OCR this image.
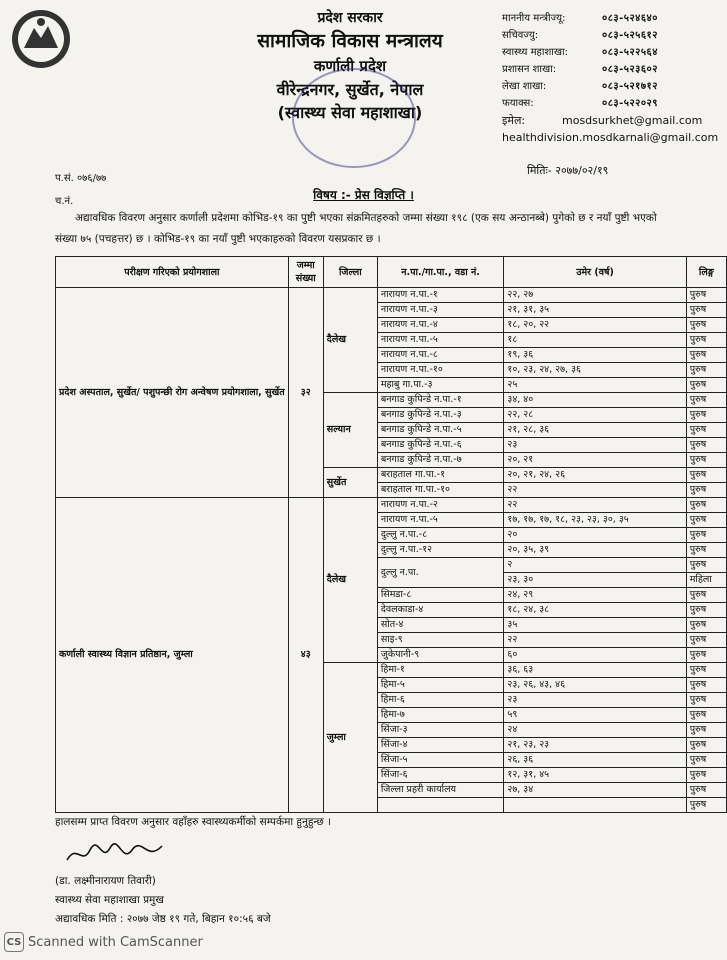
प्रदेश सरकार
सामाजिक विकास मन्त्रालय
कर्णाली प्रदेश
वीरेन्द्रनगर, सुर्खेत, नेपाल
(स्वास्थ्य सेवा महाशाखा)
माननीय मन्त्रीज्यू:	०८३-५२४६४०
सचिवज्यु:	०८३-५२५६१२
स्वास्थ्य महाशाखा:	०८३-५२२५६४
प्रशासन शाखा:	०८३-५२३६०२
लेखा शाखा:	०८३-५२१७१२
फयाक्स:	०८३-५२२०२९
इमेल:	mosdsurkhet@gmail.com
healthdivision.mosdkarnali@gmail.com
प.सं. ०७६/७७
च.नं.
मितिः- २०७७/०२/१९
विषय :- प्रेस विज्ञप्ति ।
अद्यावधिक विवरण अनुसार कर्णाली प्रदेशमा कोभिड-१९ का पुष्टी भएका संक्रमितहरुको जम्मा संख्या १९८ (एक सय अन्ठानब्बे) पुगेको छ र नयाँ पुष्टी भएको संख्या ७५ (पचहत्तर) छ । कोभिड-१९ का नयाँ पुष्टी भएकाहरुको विवरण यसप्रकार छ ।
परीक्षण गरिएको प्रयोगशाला	जम्मा संख्या	जिल्ला	न.पा./गा.पा., वडा नं.	उमेर (वर्ष)	लिङ्ग
प्रदेश अस्पताल, सुर्खेत/ पशुपन्छी रोग अन्वेषण प्रयोगशाला, सुर्खेत	३२	दैलेख	नारायण न.पा.-१	२२, २७	पुरुष
			नारायण न.पा.-३	२१, ३१, ३५	पुरुष
			नारायण न.पा.-४	१८, २०, २२	पुरुष
			नारायण न.पा.-५	१८	पुरुष
			नारायण न.पा.-८	१९, ३६	पुरुष
			नारायण न.पा.-१०	१०, २३, २४, २७, ३६	पुरुष
			महाबु गा.पा.-३	२५	पुरुष
		सल्यान	बनगाड कुपिन्डे न.पा.-१	३४, ४०	पुरुष
			बनगाड कुपिन्डे न.पा.-३	२२, २८	पुरुष
			बनगाड कुपिन्डे न.पा.-५	२१, २८, ३६	पुरुष
			बनगाड कुपिन्डे न.पा.-६	२३	पुरुष
			बनगाड कुपिन्डे न.पा.-७	२०, २१	पुरुष
		सुर्खेत	बराहताल गा.पा.-१	२०, २१, २४, २६	पुरुष
			बराहताल गा.पा.-१०	२२	पुरुष
कर्णाली स्वास्थ्य विज्ञान प्रतिष्ठान, जुम्ला	४३	दैलेख	नारायण न.पा.-२	२२	पुरुष
			नारायण न.पा.-५	१७, १७, १७, १८, २३, २३, ३०, ३५	पुरुष
			दुल्लु न.पा.-८	२०	पुरुष
			दुल्लु न.पा.-१२	२०, ३५, ३९	पुरुष
			दुल्लु न.पा.	२	पुरुष
				२३, ३०	महिला
			सिमडा-८	२४, २९	पुरुष
			देवलकाडा-४	१८, २४, ३८	पुरुष
			सोत-४	३५	पुरुष
			साइ-९	२२	पुरुष
			जुकेपानी-९	६०	पुरुष
		जुम्ला	हिमा-१	३६, ६३	पुरुष
			हिमा-५	२३, २६, ४३, ४६	पुरुष
			हिमा-६	२३	पुरुष
			हिमा-७	५९	पुरुष
			सिंजा-३	२४	पुरुष
			सिंजा-४	२१, २३, २३	पुरुष
			सिंजा-५	२६, ३६	पुरुष
			सिंजा-६	१२, ३१, ४५	पुरुष
			जिल्ला प्रहरी कार्यालय	२७, ३४	पुरुष
					पुरुष
हालसम्म प्राप्त विवरण अनुसार वहाँहरु स्वास्थ्यकर्मीको सम्पर्कमा हुनुहुन्छ ।
(डा. लक्ष्मीनारायण तिवारी)
स्वास्थ्य सेवा महाशाखा प्रमुख
अद्यावधिक मिति : २०७७ जेष्ठ १९ गते, बिहान १०:५६ बजे
CS Scanned with CamScanner
